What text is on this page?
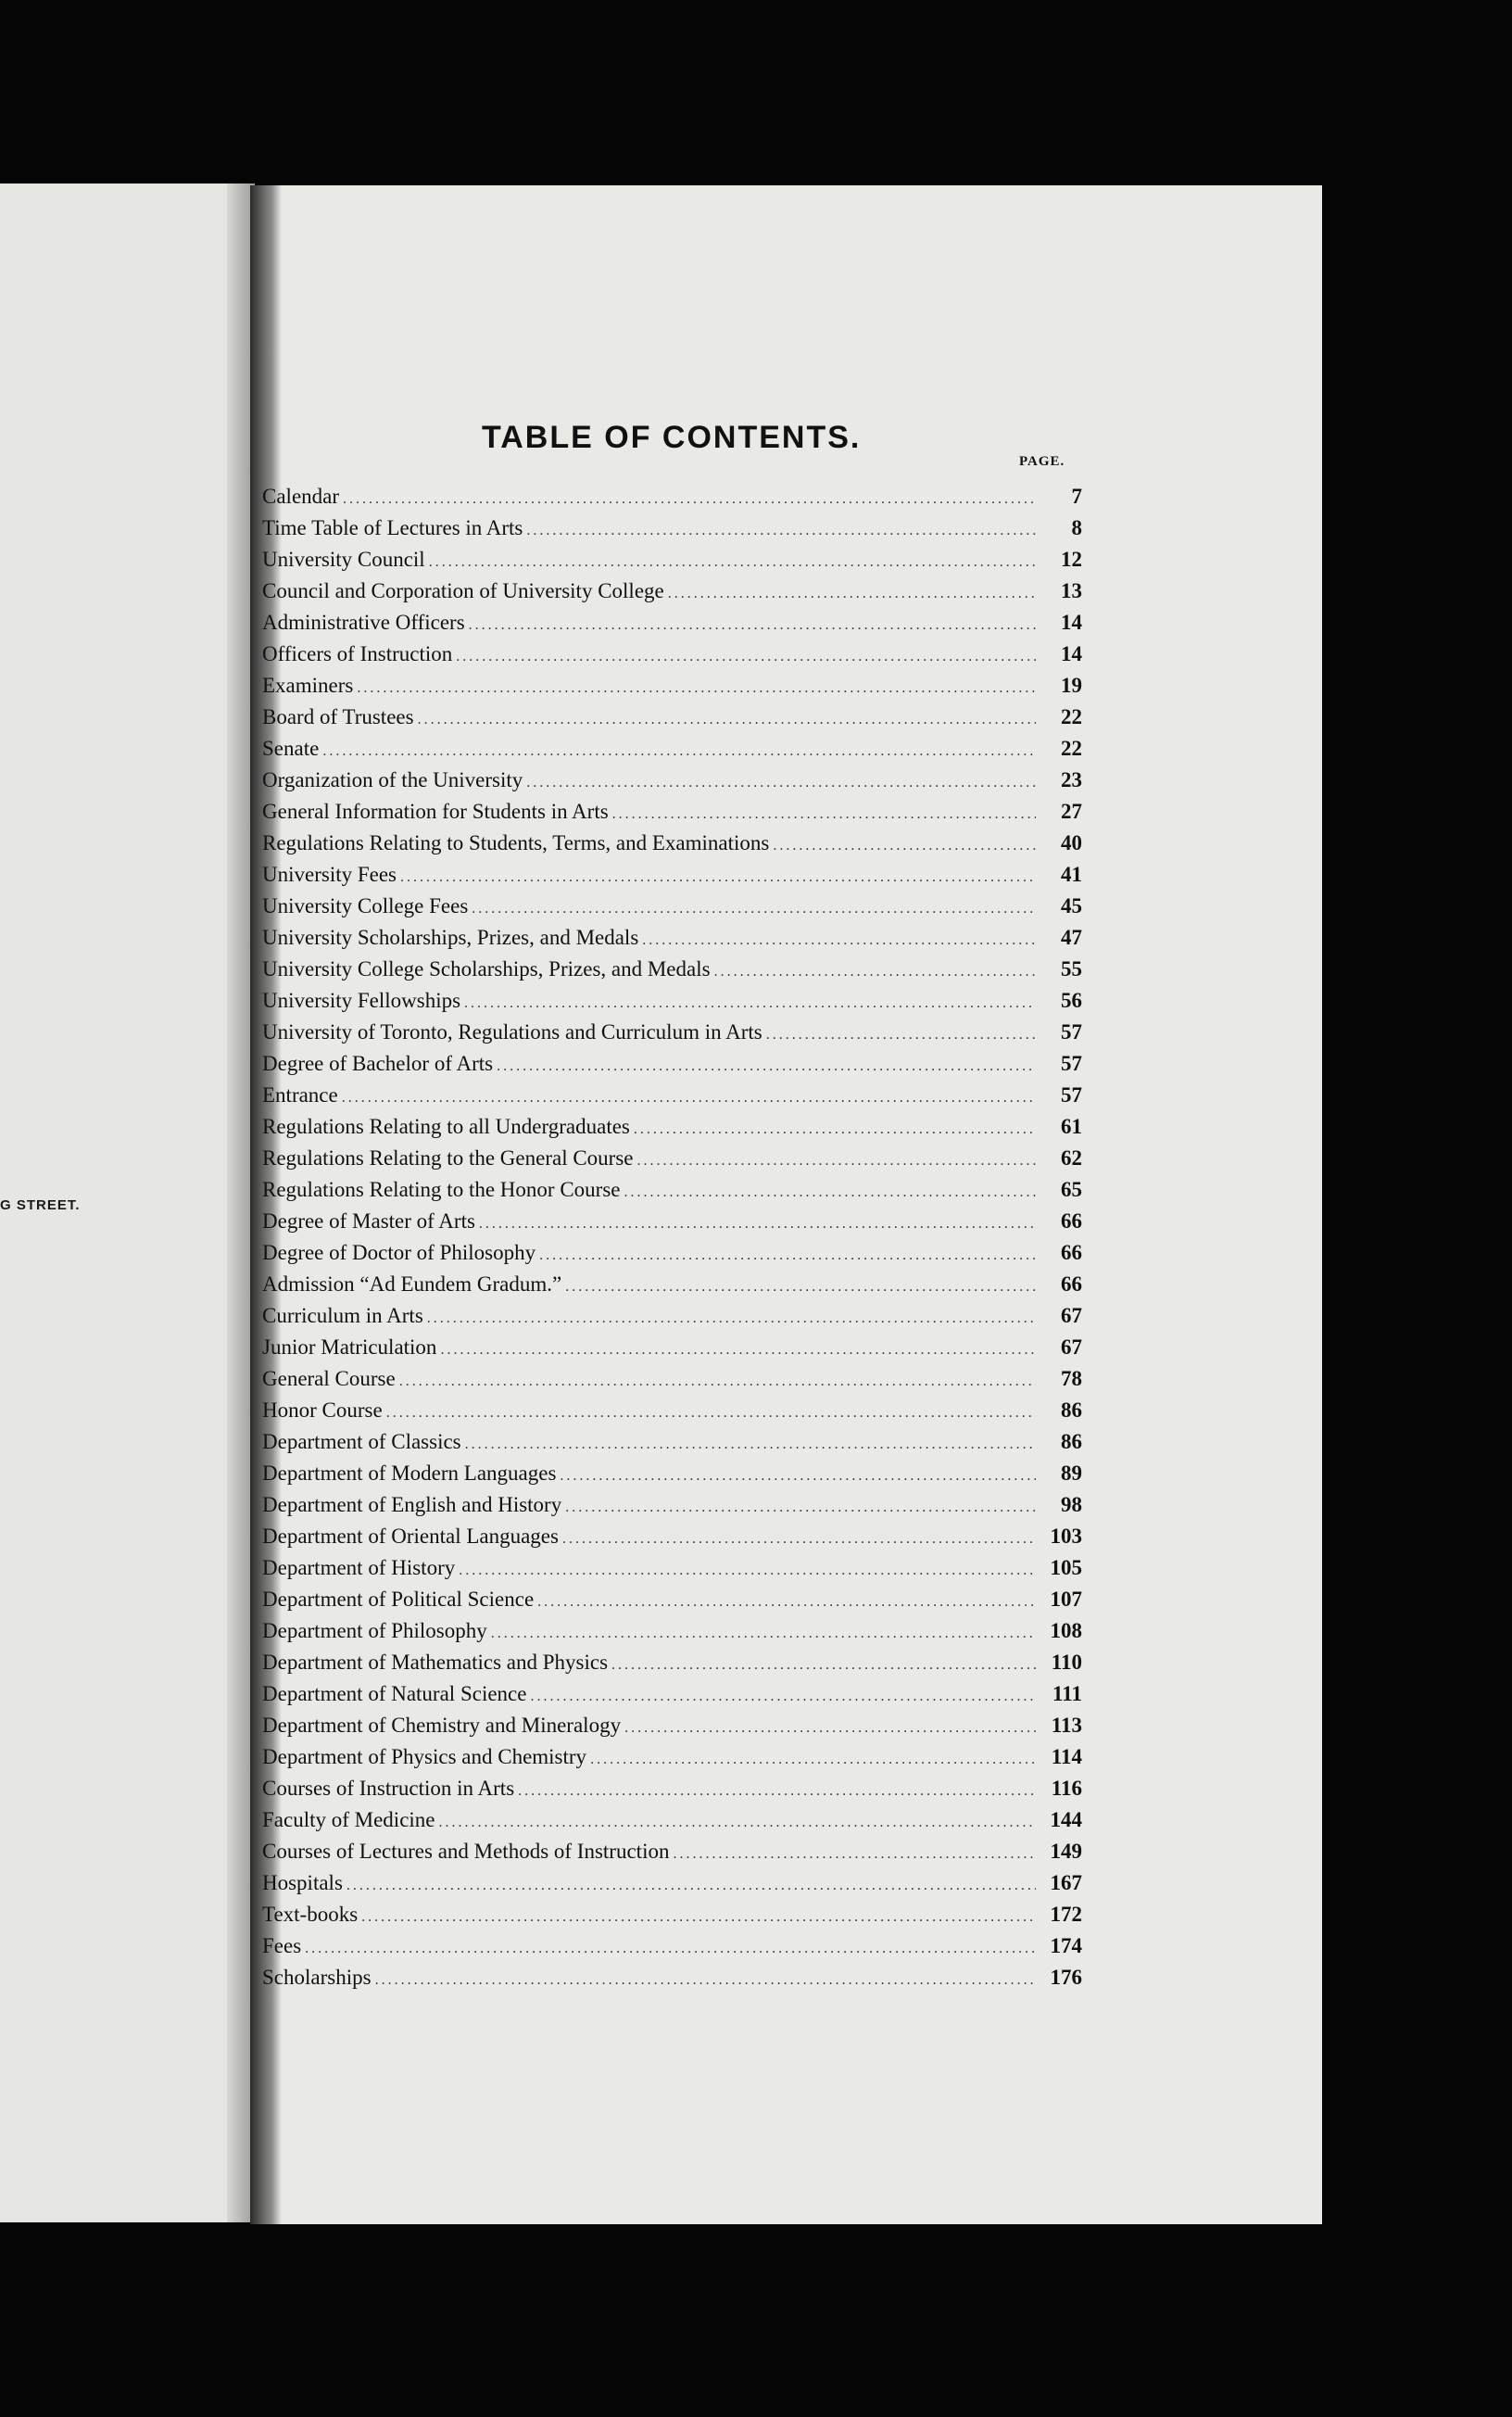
G STREET.
TABLE OF CONTENTS.
PAGE.
Calendar .....	7
Time Table of Lectures in Arts .....	8
University Council .....	12
Council and Corporation of University College .....	13
Administrative Officers .....	14
Officers of Instruction .....	14
Examiners .....	19
Board of Trustees .....	22
Senate .....	22
Organization of the University .....	23
General Information for Students in Arts .....	27
Regulations Relating to Students, Terms, and Examinations .....	40
University Fees .....	41
University College Fees .....	45
University Scholarships, Prizes, and Medals .....	47
University College Scholarships, Prizes, and Medals .....	55
University Fellowships .....	56
University of Toronto, Regulations and Curriculum in Arts .....	57
Degree of Bachelor of Arts .....	57
Entrance .....	57
Regulations Relating to all Undergraduates .....	61
Regulations Relating to the General Course .....	62
Regulations Relating to the Honor Course .....	65
Degree of Master of Arts .....	66
Degree of Doctor of Philosophy .....	66
Admission “Ad Eundem Gradum.” .....	66
Curriculum in Arts .....	67
Junior Matriculation .....	67
General Course .....	78
Honor Course .....	86
Department of Classics .....	86
Department of Modern Languages .....	89
Department of English and History .....	98
Department of Oriental Languages .....	103
Department of History .....	105
Department of Political Science .....	107
Department of Philosophy .....	108
Department of Mathematics and Physics .....	110
Department of Natural Science .....	111
Department of Chemistry and Mineralogy .....	113
Department of Physics and Chemistry .....	114
Courses of Instruction in Arts .....	116
Faculty of Medicine .....	144
Courses of Lectures and Methods of Instruction .....	149
Hospitals .....	167
Text-books .....	172
Fees .....	174
Scholarships .....	176
